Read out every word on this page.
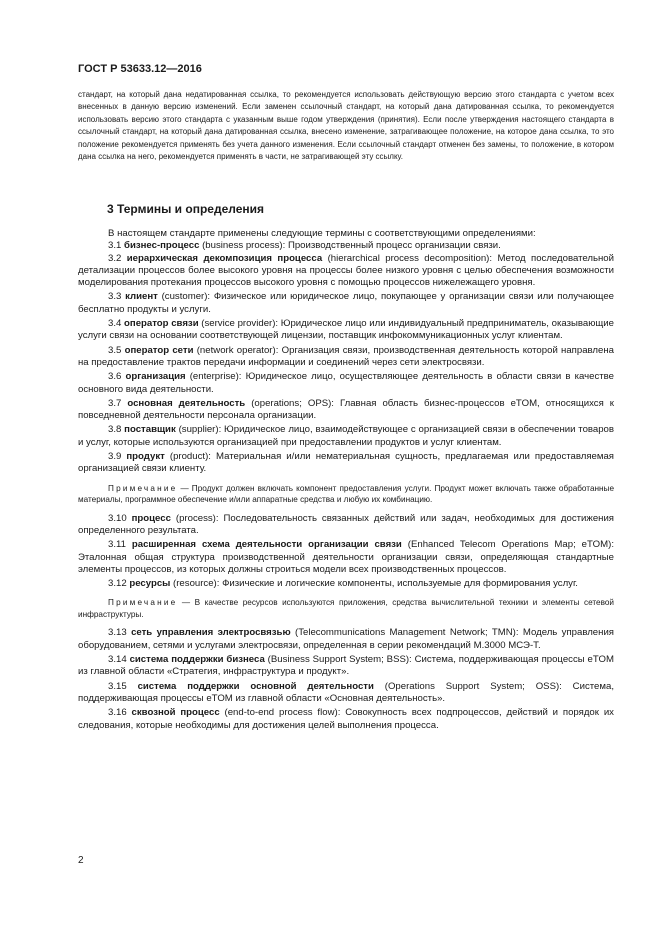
ГОСТ Р 53633.12—2016

стандарт, на который дана недатированная ссылка, то рекомендуется использовать действующую версию этого стандарта с учетом всех внесенных в данную версию изменений. Если заменен ссылочный стандарт, на который дана датированная ссылка, то рекомендуется использовать версию этого стандарта с указанным выше годом утверждения (принятия). Если после утверждения настоящего стандарта в ссылочный стандарт, на который дана датированная ссылка, внесено изменение, затрагивающее положение, на которое дана ссылка, то это положение рекомендуется применять без учета данного изменения. Если ссылочный стандарт отменен без замены, то положение, в котором дана ссылка на него, рекомендуется применять в части, не затрагивающей эту ссылку.

3 Термины и определения

В настоящем стандарте применены следующие термины с соответствующими определениями:

3.1 бизнес-процесс (business process): Производственный процесс организации связи.

3.2 иерархическая декомпозиция процесса (hierarchical process decomposition): Метод последовательной детализации процессов более высокого уровня на процессы более низкого уровня с целью обеспечения возможности моделирования протекания процессов высокого уровня с помощью процессов нижележащего уровня.

3.3 клиент (customer): Физическое или юридическое лицо, покупающее у организации связи или получающее бесплатно продукты и услуги.

3.4 оператор связи (service provider): Юридическое лицо или индивидуальный предприниматель, оказывающие услуги связи на основании соответствующей лицензии, поставщик инфокоммуникационных услуг клиентам.

3.5 оператор сети (network operator): Организация связи, производственная деятельность которой направлена на предоставление трактов передачи информации и соединений через сети электросвязи.

3.6 организация (enterprise): Юридическое лицо, осуществляющее деятельность в области связи в качестве основного вида деятельности.

3.7 основная деятельность (operations; OPS): Главная область бизнес-процессов eTOM, относящихся к повседневной деятельности персонала организации.

3.8 поставщик (supplier): Юридическое лицо, взаимодействующее с организацией связи в обеспечении товаров и услуг, которые используются организацией при предоставлении продуктов и услуг клиентам.

3.9 продукт (product): Материальная и/или нематериальная сущность, предлагаемая или предоставляемая организацией связи клиенту.

Примечание — Продукт должен включать компонент предоставления услуги. Продукт может включать также обработанные материалы, программное обеспечение и/или аппаратные средства и любую их комбинацию.

3.10 процесс (process): Последовательность связанных действий или задач, необходимых для достижения определенного результата.

3.11 расширенная схема деятельности организации связи (Enhanced Telecom Operations Map; eTOM): Эталонная общая структура производственной деятельности организации связи, определяющая стандартные элементы процессов, из которых должны строиться модели всех производственных процессов.

3.12 ресурсы (resource): Физические и логические компоненты, используемые для формирования услуг.

Примечание — В качестве ресурсов используются приложения, средства вычислительной техники и элементы сетевой инфраструктуры.

3.13 сеть управления электросвязью (Telecommunications Management Network; TMN): Модель управления оборудованием, сетями и услугами электросвязи, определенная в серии рекомендаций М.3000 МСЭ-Т.

3.14 система поддержки бизнеса (Business Support System; BSS): Система, поддерживающая процессы eTOM из главной области «Стратегия, инфраструктура и продукт».

3.15 система поддержки основной деятельности (Operations Support System; OSS): Система, поддерживающая процессы eTOM из главной области «Основная деятельность».

3.16 сквозной процесс (end-to-end process flow): Совокупность всех подпроцессов, действий и порядок их следования, которые необходимы для достижения целей выполнения процесса.

2
